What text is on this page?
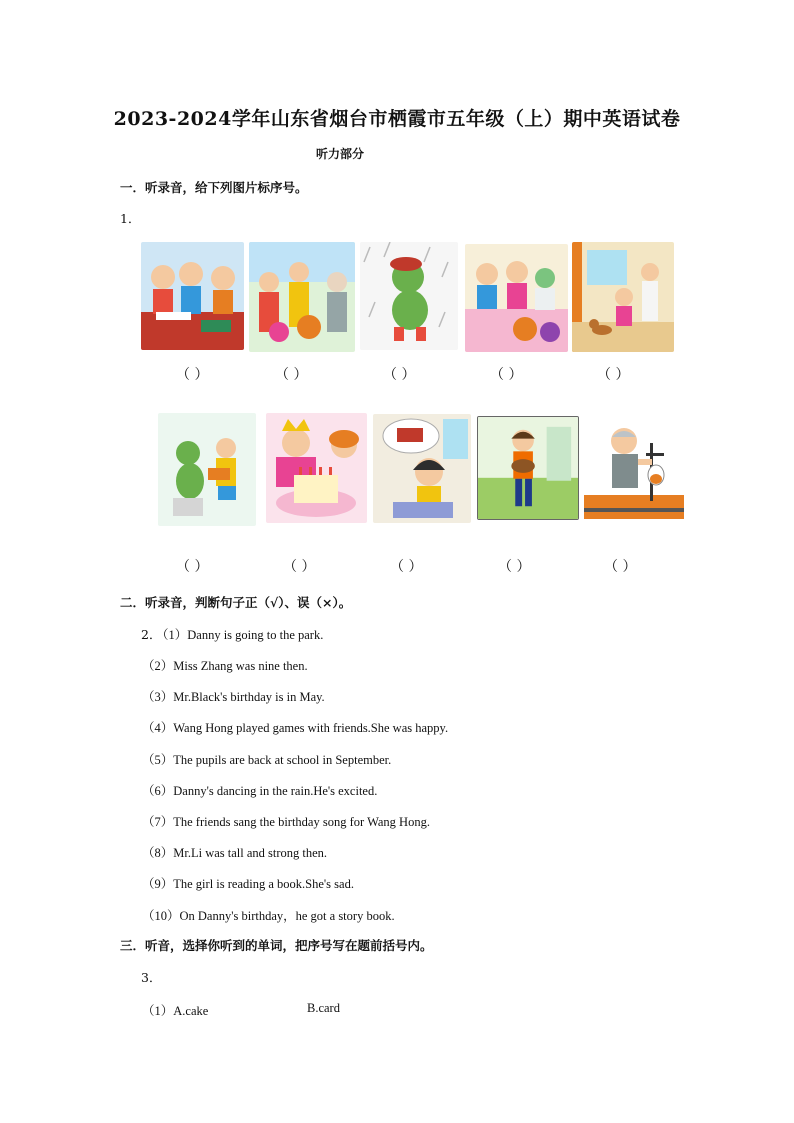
2023-2024学年山东省烟台市栖霞市五年级（上）期中英语试卷
听力部分
一．听录音，给下列图片标序号。
1．
（ ）	（ ）	（ ）	（ ）	（ ）
（ ）	（ ）	（ ）	（ ）	（ ）
二．听录音，判断句子正（√）、误（×）。
2．
（1）Danny is going to the park.
（2）Miss Zhang was nine then.
（3）Mr.Black's birthday is in May.
（4）Wang Hong played games with friends.She was happy.
（5）The pupils are back at school in September.
（6）Danny's dancing in the rain.He's excited.
（7）The friends sang the birthday song for Wang Hong.
（8）Mr.Li was tall and strong then.
（9）The girl is reading a book.She's sad.
（10）On Danny's birthday，he got a story book.
三．听音，选择你听到的单词，把序号写在题前括号内。
3．
（1）A.cake	B.card
